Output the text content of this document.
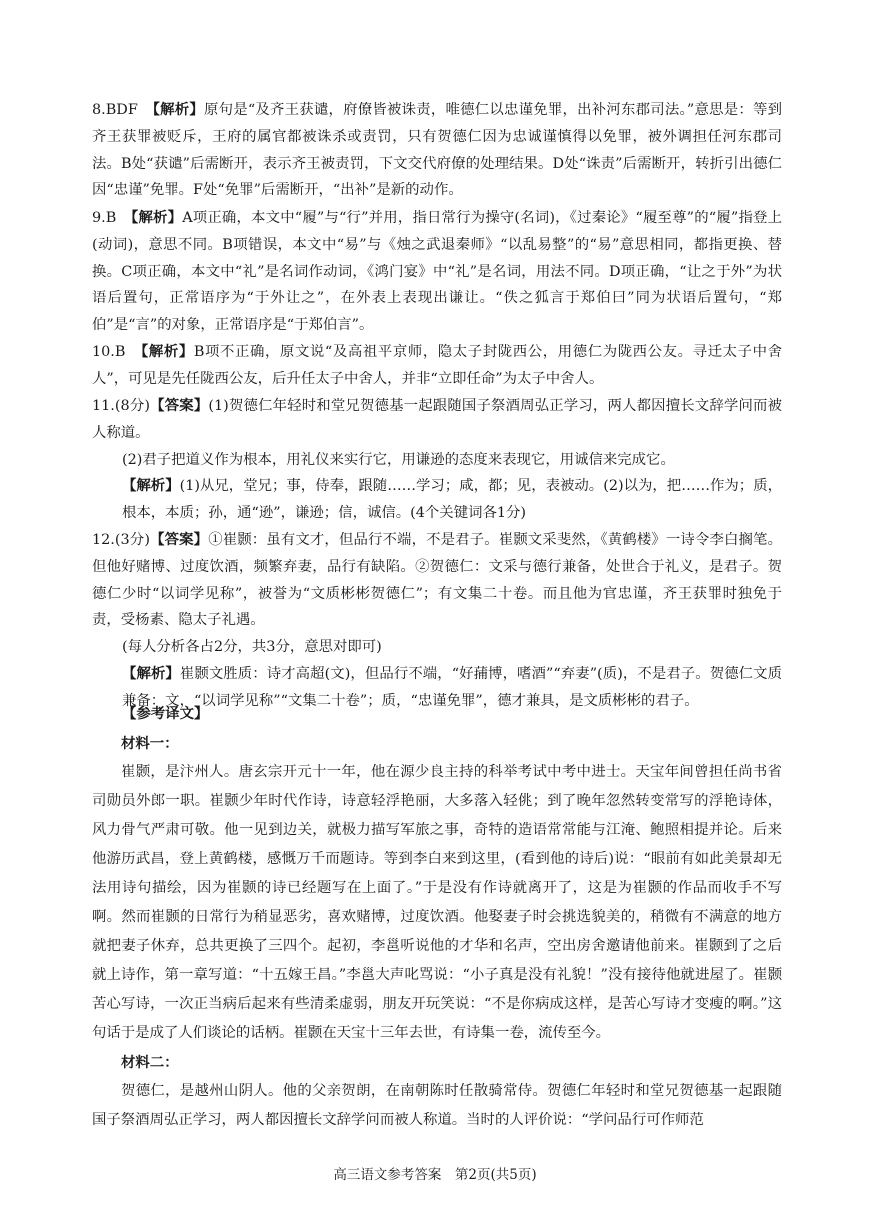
8.BDF　 【解析】原句是“及齐王获谴，府僚皆被诛责，唯德仁以忠谨免罪，出补河东郡司法。”意思是：等到齐王获罪被贬斥，王府的属官都被诛杀或责罚，只有贺德仁因为忠诚谨慎得以免罪，被外调担任河东郡司法。B处“获谴”后需断开，表示齐王被责罚，下文交代府僚的处理结果。D处“诛责”后需断开，转折引出德仁因“忠谨”免罪。F处“免罪”后需断开，“出补”是新的动作。

9.B　 【解析】A项正确，本文中“履”与“行”并用，指日常行为操守(名词)，《过秦论》“履至尊”的“履”指登上(动词)，意思不同。B项错误，本文中“易”与《烛之武退秦师》“以乱易整”的“易”意思相同，都指更换、替换。C项正确，本文中“礼”是名词作动词，《鸿门宴》中“礼”是名词，用法不同。D项正确，“让之于外”为状语后置句，正常语序为“于外让之”，在外表上表现出谦让。“佚之狐言于郑伯曰”同为状语后置句，“郑伯”是“言”的对象，正常语序是“于郑伯言”。

10.B　 【解析】B项不正确，原文说“及高祖平京师，隐太子封陇西公，用德仁为陇西公友。寻迁太子中舍人”，可见是先任陇西公友，后升任太子中舍人，并非“立即任命”为太子中舍人。

11.(8分)【答案】(1)贺德仁年轻时和堂兄贺德基一起跟随国子祭酒周弘正学习，两人都因擅长文辞学问而被人称道。

(2)君子把道义作为根本，用礼仪来实行它，用谦逊的态度来表现它，用诚信来完成它。

【解析】(1)从兄，堂兄；事，侍奉，跟随……学习；咸，都；见，表被动。(2)以为，把……作为；质，根本，本质；孙，通“逊”，谦逊；信，诚信。(4个关键词各1分)

12.(3分)【答案】①崔颢：虽有文才，但品行不端，不是君子。崔颢文采斐然，《黄鹤楼》一诗令李白搁笔。但他好赌博、过度饮酒，频繁弃妻，品行有缺陷。②贺德仁：文采与德行兼备，处世合于礼义，是君子。贺德仁少时“以词学见称”，被誉为“文质彬彬贺德仁”；有文集二十卷。而且他为官忠谨，齐王获罪时独免于责，受杨素、隐太子礼遇。

(每人分析各占2分，共3分，意思对即可)

【解析】崔颢文胜质：诗才高超(文)，但品行不端，“好蒱博，嗜酒”“弃妻”(质)，不是君子。贺德仁文质兼备：文，“以词学见称”“文集二十卷”；质，“忠谨免罪”，德才兼具，是文质彬彬的君子。

【参考译文】

材料一：

崔颢，是汴州人。唐玄宗开元十一年，他在源少良主持的科举考试中考中进士。天宝年间曾担任尚书省司勋员外郎一职。崔颢少年时代作诗，诗意轻浮艳丽，大多落入轻佻；到了晚年忽然转变常写的浮艳诗体，风力骨气严肃可敬。他一见到边关，就极力描写军旅之事，奇特的造语常常能与江淹、鲍照相提并论。后来他游历武昌，登上黄鹤楼，感慨万千而题诗。等到李白来到这里，(看到他的诗后)说：“眼前有如此美景却无法用诗句描绘，因为崔颢的诗已经题写在上面了。”于是没有作诗就离开了，这是为崔颢的作品而收手不写啊。然而崔颢的日常行为稍显恶劣，喜欢赌博，过度饮酒。他娶妻子时会挑选貌美的，稍微有不满意的地方就把妻子休弃，总共更换了三四个。起初，李邕听说他的才华和名声，空出房舍邀请他前来。崔颢到了之后就上诗作，第一章写道：“十五嫁王昌。”李邕大声叱骂说：“小子真是没有礼貌！”没有接待他就进屋了。崔颢苦心写诗，一次正当病后起来有些清柔虚弱，朋友开玩笑说：“不是你病成这样，是苦心写诗才变瘦的啊。”这句话于是成了人们谈论的话柄。崔颢在天宝十三年去世，有诗集一卷，流传至今。

材料二：

贺德仁，是越州山阴人。他的父亲贺朗，在南朝陈时任散骑常侍。贺德仁年轻时和堂兄贺德基一起跟随国子祭酒周弘正学习，两人都因擅长文辞学问而被人称道。当时的人评价说：“学问品行可作师范

高三语文参考答案　第2页(共5页)
